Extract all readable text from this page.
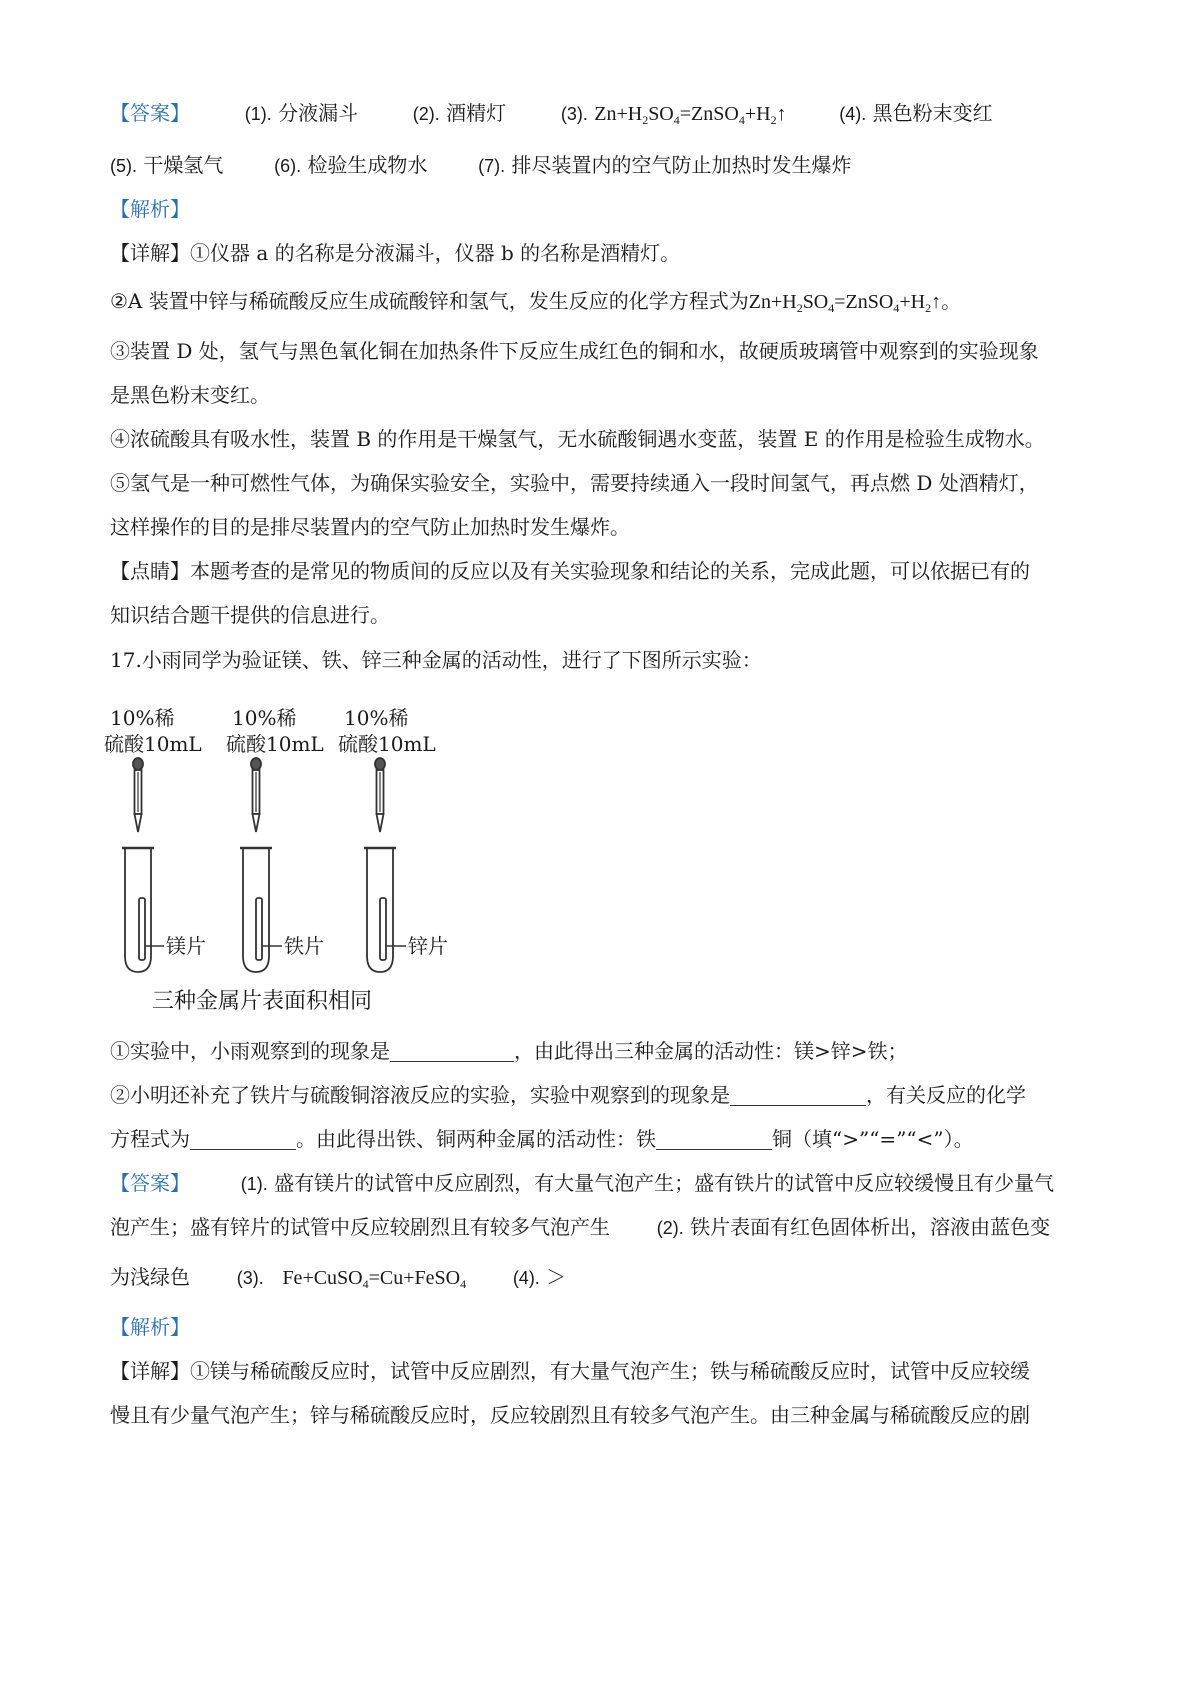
【答案】	(1). 分液漏斗	(2). 酒精灯	(3). $Zn+H_2SO_4=ZnSO_4+H_2↑$	(4). 黑色粉末变红
(5). 干燥氢气	(6). 检验生成物水	(7). 排尽装置内的空气防止加热时发生爆炸
【解析】
【详解】①仪器 a 的名称是分液漏斗，仪器 b 的名称是酒精灯。
②A 装置中锌与稀硫酸反应生成硫酸锌和氢气，发生反应的化学方程式为$Zn+H_2SO_4=ZnSO_4+H_2↑$。
③装置 D 处，氢气与黑色氧化铜在加热条件下反应生成红色的铜和水，故硬质玻璃管中观察到的实验现象
是黑色粉末变红。
④浓硫酸具有吸水性，装置 B 的作用是干燥氢气，无水硫酸铜遇水变蓝，装置 E 的作用是检验生成物水。
⑤氢气是一种可燃性气体，为确保实验安全，实验中，需要持续通入一段时间氢气，再点燃 D 处酒精灯，
这样操作的目的是排尽装置内的空气防止加热时发生爆炸。
【点睛】本题考查的是常见的物质间的反应以及有关实验现象和结论的关系，完成此题，可以依据已有的
知识结合题干提供的信息进行。
17.小雨同学为验证镁、铁、锌三种金属的活动性，进行了下图所示实验：
10%稀
硫酸10mL
10%稀
硫酸10mL
10%稀
硫酸10mL
镁片	铁片	锌片
三种金属片表面积相同
①实验中，小雨观察到的现象是	，由此得出三种金属的活动性：镁>锌>铁；
②小明还补充了铁片与硫酸铜溶液反应的实验，实验中观察到的现象是	，有关反应的化学
方程式为	。由此得出铁、铜两种金属的活动性：铁	铜（填“>”“=”“<”）。
【答案】	(1). 盛有镁片的试管中反应剧烈，有大量气泡产生；盛有铁片的试管中反应较缓慢且有少量气
泡产生；盛有锌片的试管中反应较剧烈且有较多气泡产生	(2). 铁片表面有红色固体析出，溶液由蓝色变
为浅绿色	(3). Fe+CuSO$_4$=Cu+FeSO$_4$	(4). ＞
【解析】
【详解】①镁与稀硫酸反应时，试管中反应剧烈，有大量气泡产生；铁与稀硫酸反应时，试管中反应较缓
慢且有少量气泡产生；锌与稀硫酸反应时，反应较剧烈且有较多气泡产生。由三种金属与稀硫酸反应的剧
